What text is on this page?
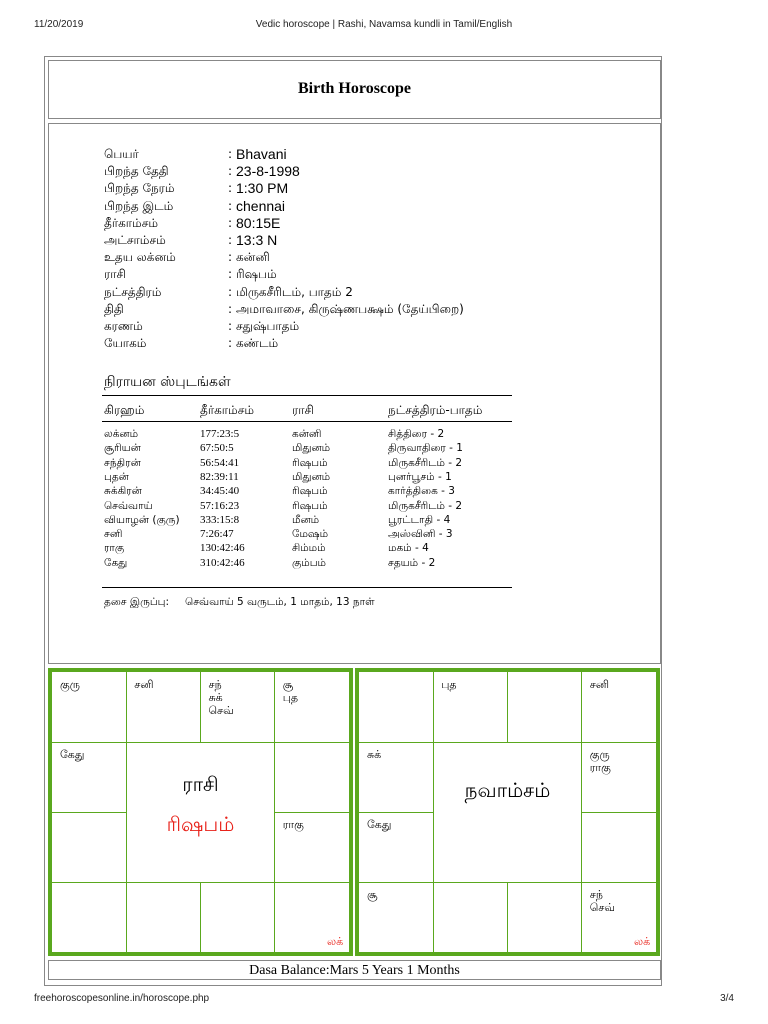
11/20/2019	Vedic horoscope | Rashi, Navamsa kundli in Tamil/English
Birth Horoscope
பெயர்	: Bhavani
பிறந்த தேதி	: 23-8-1998
பிறந்த நேரம்	: 1:30 PM
பிறந்த இடம்	: chennai
தீர்காம்சம்	: 80:15E
அட்சாம்சம்	: 13:3 N
உதய லக்னம்	: கன்னி
ராசி	: ரிஷபம்
நட்சத்திரம்	: மிருகசீரிடம், பாதம் 2
திதி	: அமாவாசை, கிருஷ்ணபக்ஷம் (தேய்பிறை)
கரணம்	: சதுஷ்பாதம்
யோகம்	: கண்டம்
நிராயன ஸ்புடங்கள்
கிரஹம்	தீர்காம்சம்	ராசி	நட்சத்திரம்-பாதம்
லக்னம்	177:23:5	கன்னி	சித்திரை - 2
சூரியன்	67:50:5	மிதுனம்	திருவாதிரை - 1
சந்திரன்	56:54:41	ரிஷபம்	மிருகசீரிடம் - 2
புதன்	82:39:11	மிதுனம்	புனர்பூசம் - 1
சுக்கிரன்	34:45:40	ரிஷபம்	கார்த்திகை - 3
செவ்வாய்	57:16:23	ரிஷபம்	மிருகசீரிடம் - 2
வியாழன் (குரு) 333:15:8	மீனம்	பூரட்டாதி - 4
சனி	7:26:47	மேஷம்	அஸ்வினி - 3
ராகு	130:42:46	சிம்மம்	மகம் - 4
கேது	310:42:46	கும்பம்	சதயம் - 2
தசை இருப்பு: செவ்வாய் 5 வருடம், 1 மாதம், 13 நாள்
குரு	சனி	சந்
சுக்
செவ்
சூ
புத
கேது
ராகு
ராசி
ரிஷபம்
லக்
புத	சனி
சுக்	குரு
ராகு
கேது
சூ	சந்
செவ்
நவாம்சம்
லக்
Dasa Balance:Mars 5 Years 1 Months
freehoroscopesonline.in/horoscope.php	3/4
